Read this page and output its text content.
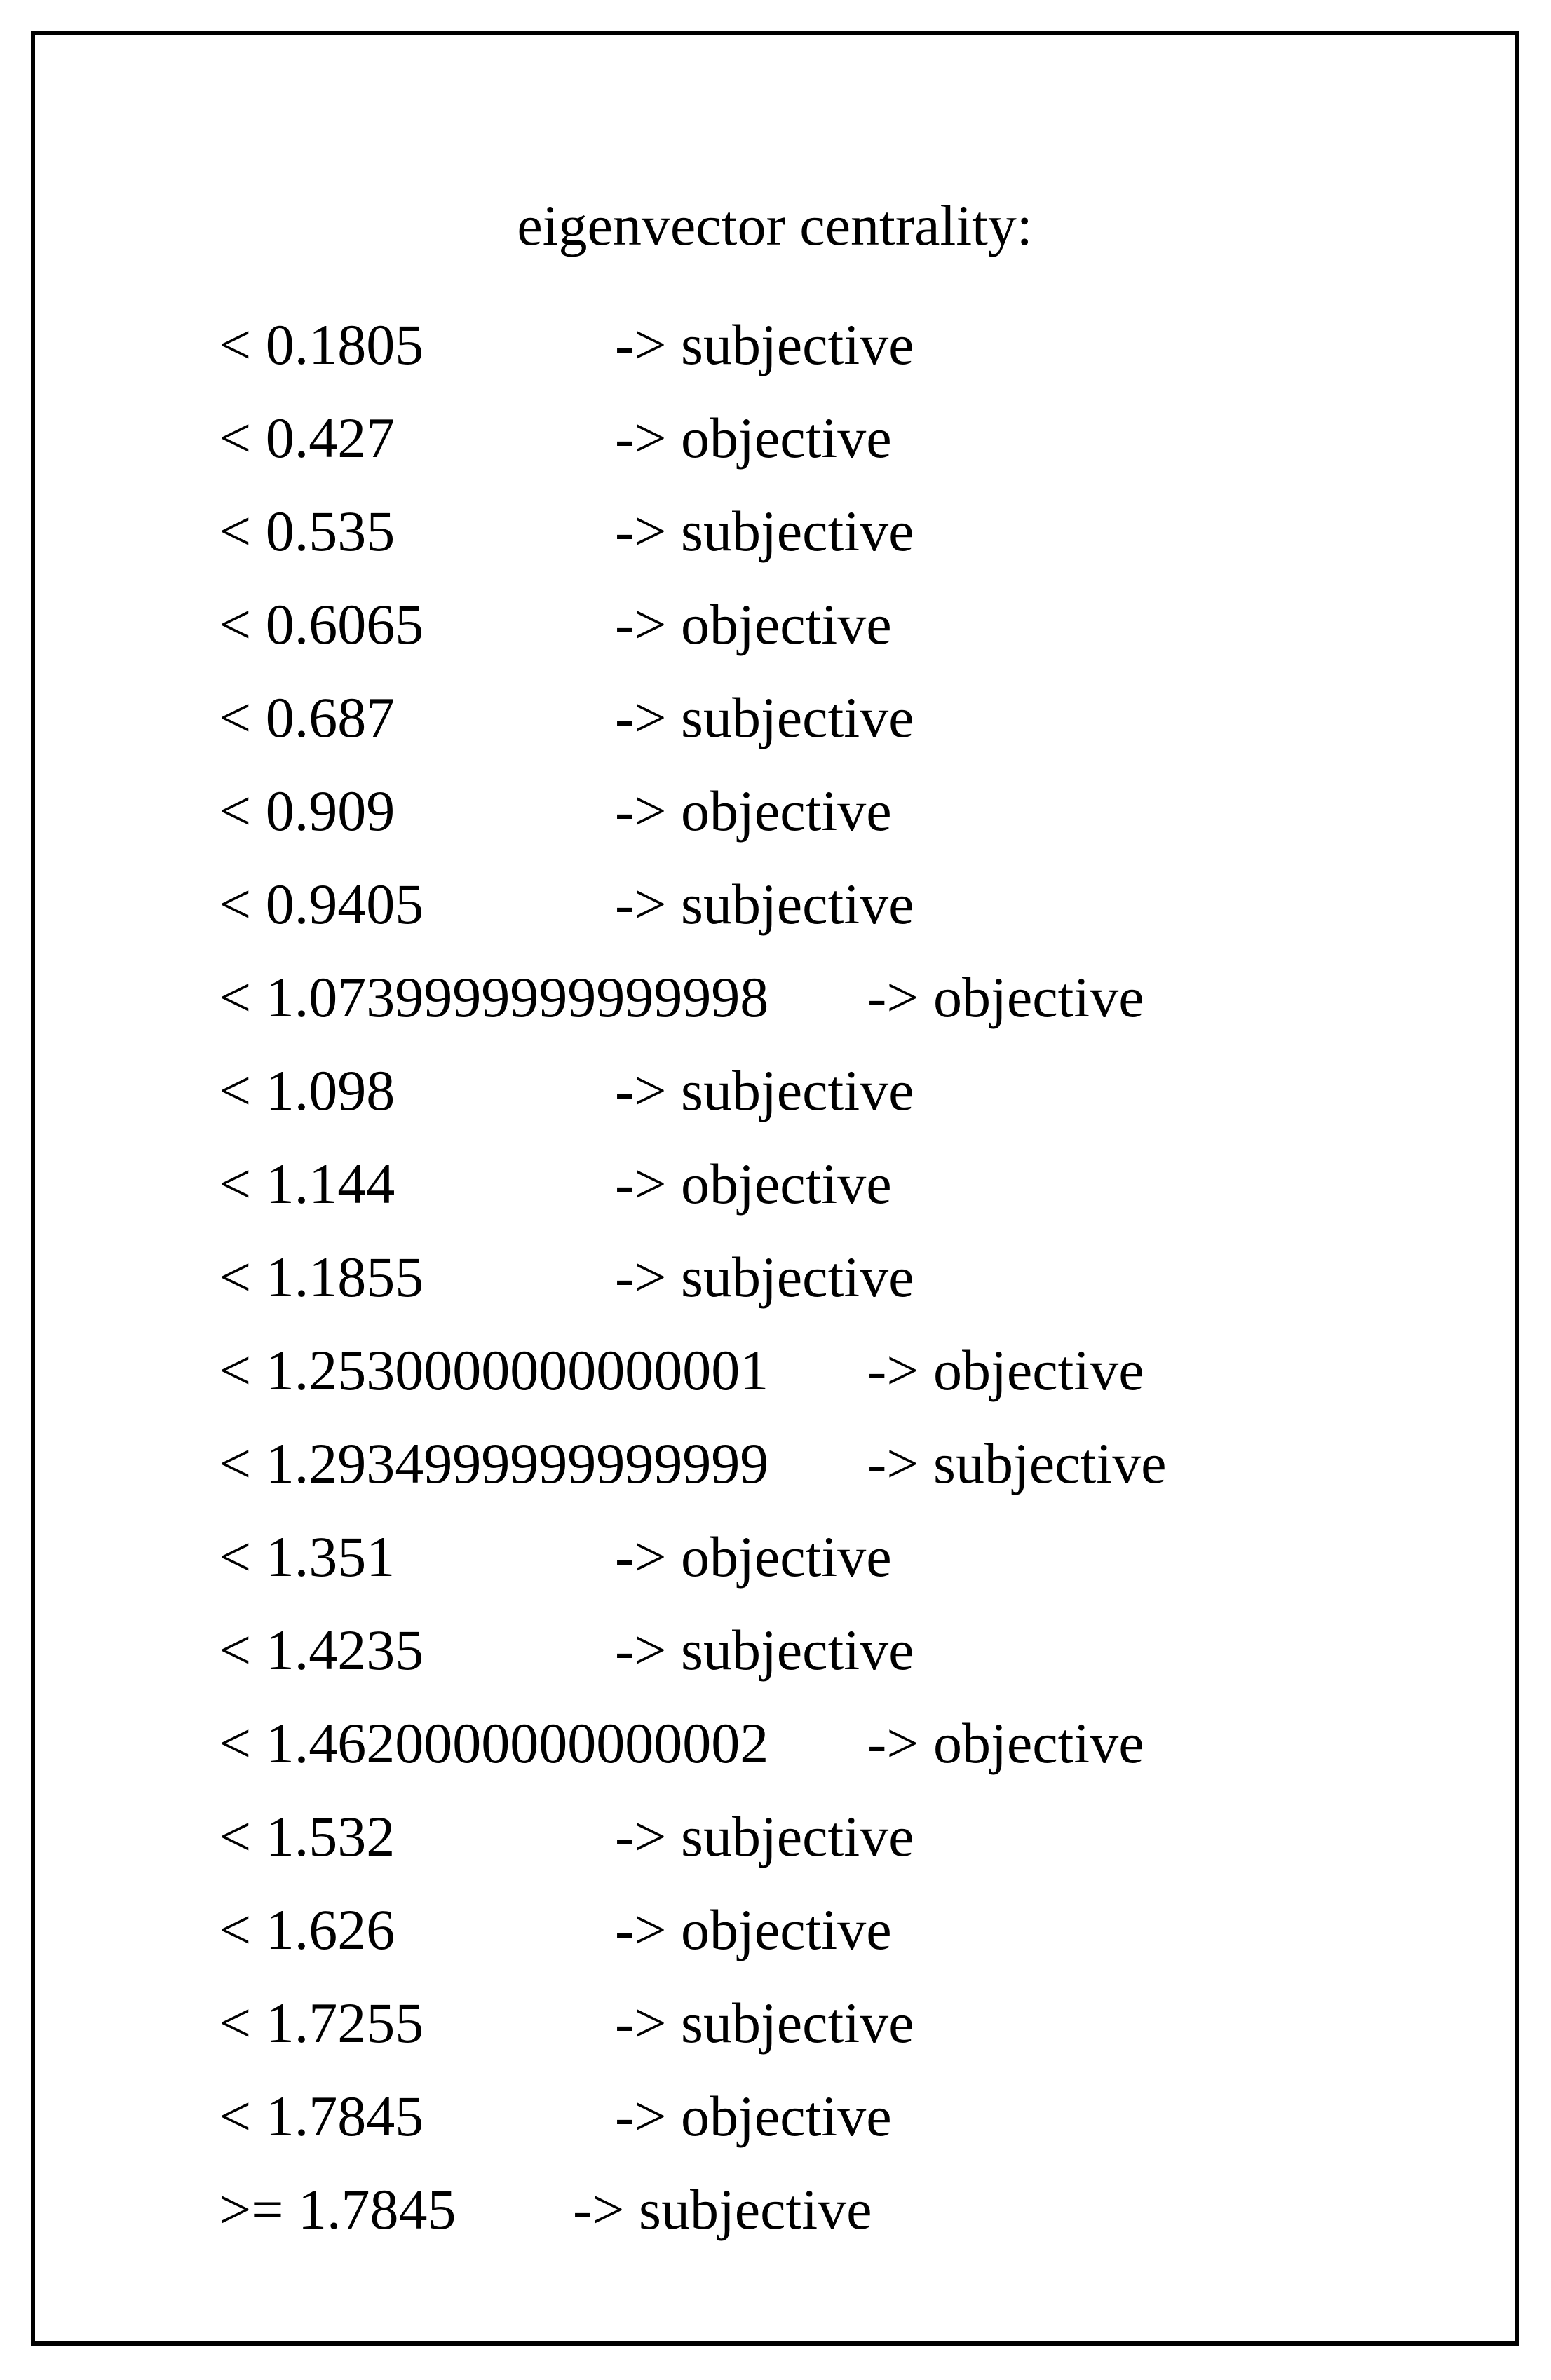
eigenvector centrality:
< 0.1805	-> subjective
< 0.427	-> objective
< 0.535	-> subjective
< 0.6065	-> objective
< 0.687	-> subjective
< 0.909	-> objective
< 0.9405	-> subjective
< 1.0739999999999998 -> objective
< 1.098	-> subjective
< 1.144	-> objective
< 1.1855	-> subjective
< 1.2530000000000001 -> objective
< 1.2934999999999999 -> subjective
< 1.351	-> objective
< 1.4235	-> subjective
< 1.4620000000000002 -> objective
< 1.532	-> subjective
< 1.626	-> objective
< 1.7255	-> subjective
< 1.7845	-> objective
>= 1.7845 -> subjective
